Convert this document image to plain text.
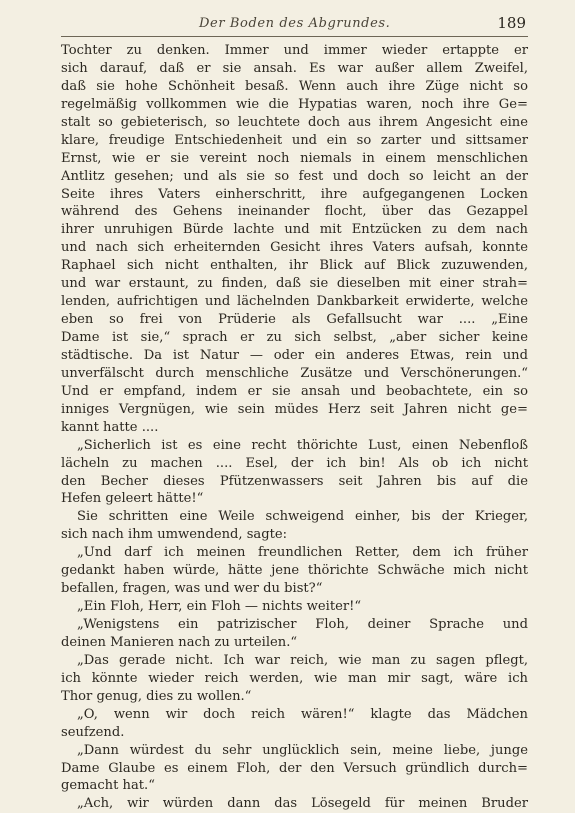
Der Boden des Abgrundes.	189
Tochter zu denken. Immer und immer wieder ertappte er
sich darauf, daß er sie ansah. Es war außer allem Zweifel,
daß sie hohe Schönheit besaß. Wenn auch ihre Züge nicht so
regelmäßig vollkommen wie die Hypatias waren, noch ihre Ge=
stalt so gebieterisch, so leuchtete doch aus ihrem Angesicht eine
klare, freudige Entschiedenheit und ein so zarter und sittsamer
Ernst, wie er sie vereint noch niemals in einem menschlichen
Antlitz gesehen; und als sie so fest und doch so leicht an der
Seite ihres Vaters einherschritt, ihre aufgegangenen Locken
während des Gehens ineinander flocht, über das Gezappel
ihrer unruhigen Bürde lachte und mit Entzücken zu dem nach
und nach sich erheiternden Gesicht ihres Vaters aufsah, konnte
Raphael sich nicht enthalten, ihr Blick auf Blick zuzuwenden,
und war erstaunt, zu finden, daß sie dieselben mit einer strah=
lenden, aufrichtigen und lächelnden Dankbarkeit erwiderte, welche
eben so frei von Prüderie als Gefallsucht war .... „Eine
Dame ist sie,“ sprach er zu sich selbst, „aber sicher keine
städtische. Da ist Natur — oder ein anderes Etwas, rein und
unverfälscht durch menschliche Zusätze und Verschönerungen.“
Und er empfand, indem er sie ansah und beobachtete, ein so
inniges Vergnügen, wie sein müdes Herz seit Jahren nicht ge=
kannt hatte ....
„Sicherlich ist es eine recht thörichte Lust, einen Nebenfloß
lächeln zu machen .... Esel, der ich bin! Als ob ich nicht
den Becher dieses Pfützenwassers seit Jahren bis auf die
Hefen geleert hätte!“
Sie schritten eine Weile schweigend einher, bis der Krieger,
sich nach ihm umwendend, sagte:
„Und darf ich meinen freundlichen Retter, dem ich früher
gedankt haben würde, hätte jene thörichte Schwäche mich nicht
befallen, fragen, was und wer du bist?“
„Ein Floh, Herr, ein Floh — nichts weiter!“
„Wenigstens ein patrizischer Floh, deiner Sprache und
deinen Manieren nach zu urteilen.“
„Das gerade nicht. Ich war reich, wie man zu sagen pflegt,
ich könnte wieder reich werden, wie man mir sagt, wäre ich
Thor genug, dies zu wollen.“
„O, wenn wir doch reich wären!“ klagte das Mädchen
seufzend.
„Dann würdest du sehr unglücklich sein, meine liebe, junge
Dame Glaube es einem Floh, der den Versuch gründlich durch=
gemacht hat.“
„Ach, wir würden dann das Lösegeld für meinen Bruder
